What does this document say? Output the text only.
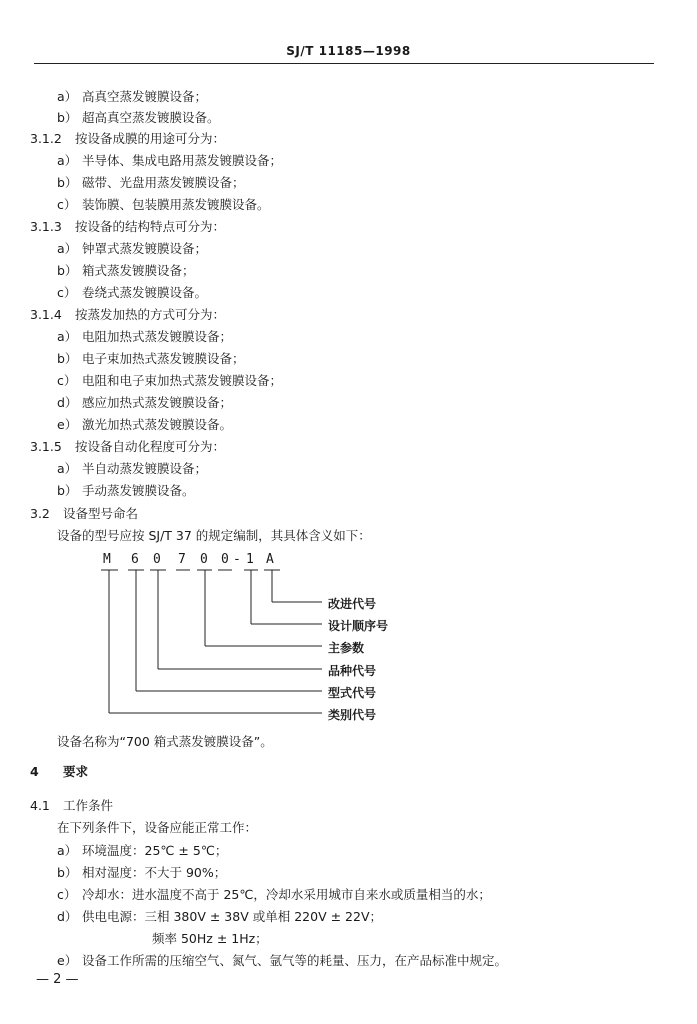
SJ/T 11185—1998
a） 高真空蒸发镀膜设备；
b） 超高真空蒸发镀膜设备。
3.1.2 按设备成膜的用途可分为：
a） 半导体、集成电路用蒸发镀膜设备；
b） 磁带、光盘用蒸发镀膜设备；
c） 装饰膜、包装膜用蒸发镀膜设备。
3.1.3 按设备的结构特点可分为：
a） 钟罩式蒸发镀膜设备；
b） 箱式蒸发镀膜设备；
c） 卷绕式蒸发镀膜设备。
3.1.4 按蒸发加热的方式可分为：
a） 电阻加热式蒸发镀膜设备；
b） 电子束加热式蒸发镀膜设备；
c） 电阻和电子束加热式蒸发镀膜设备；
d） 感应加热式蒸发镀膜设备；
e） 激光加热式蒸发镀膜设备。
3.1.5 按设备自动化程度可分为：
a） 半自动蒸发镀膜设备；
b） 手动蒸发镀膜设备。
3.2 设备型号命名
设备的型号应按 SJ/T 37 的规定编制，其具体含义如下：
M 6 0 7 0 0 - 1 A
改进代号
设计顺序号
主参数
品种代号
型式代号
类别代号
设备名称为“700 箱式蒸发镀膜设备”。
4 要求
4.1 工作条件
在下列条件下，设备应能正常工作：
a） 环境温度：25℃ ± 5℃；
b） 相对湿度：不大于 90%；
c） 冷却水：进水温度不高于 25℃，冷却水采用城市自来水或质量相当的水；
d） 供电电源：三相 380V ± 38V 或单相 220V ± 22V；
频率 50Hz ± 1Hz；
e） 设备工作所需的压缩空气、氮气、氩气等的耗量、压力，在产品标准中规定。
— 2 —
